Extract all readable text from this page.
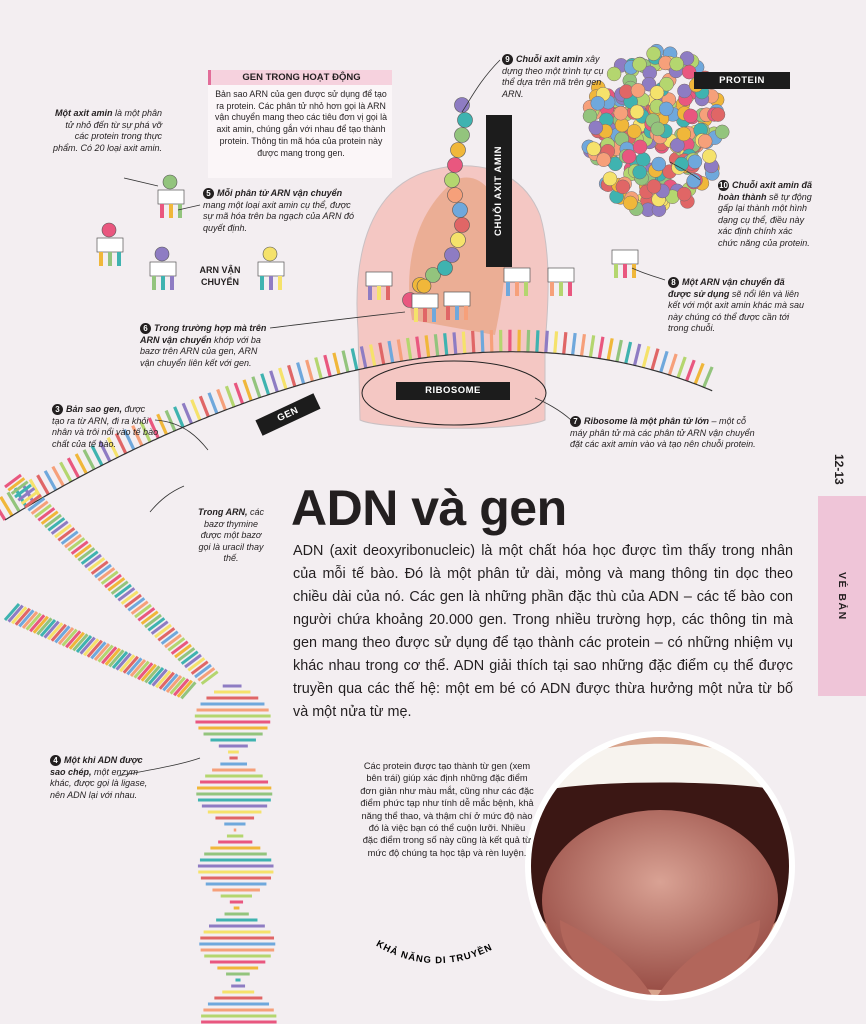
KHẢ NĂNG DI TRUYỀN
GEN TRONG HOẠT ĐỘNG

Bản sao ARN của gen được sử dụng để tạo ra protein. Các phân tử nhỏ hơn gọi là ARN vận chuyển mang theo các tiêu đơn vị gọi là axit amin, chúng gắn với nhau để tạo thành protein. Thông tin mã hóa của protein này được mang trong gen.

PROTEIN
CHUỖI AXIT AMIN
RIBOSOME
GEN
ARN VẬN CHUYỂN

Một axit amin là một phân tử nhỏ đến từ sự phá vỡ các protein trong thực phẩm. Có 20 loại axit amin.

5 Mỗi phân tử ARN vận chuyển mang một loại axit amin cụ thể, được sự mã hóa trên ba ngạch của ARN đó quyết định.

6 Trong trường hợp mà trên ARN vận chuyển khớp với ba bazơ trên ARN của gen, ARN vận chuyển liên kết với gen.

3 Bản sao gen, được tạo ra từ ARN, đi ra khỏi nhân và trôi nổi vào tế bào chất của tế bào.

Trong ARN, các bazơ thymine được một bazơ gọi là uracil thay thế.

4 Một khi ADN được sao chép, một enzym khác, được gọi là ligase, nên ADN lại với nhau.

9 Chuỗi axit amin xây dựng theo một trình tự cụ thể dựa trên mã trên gen ARN.

10 Chuỗi axit amin đã hoàn thành sẽ tự động gấp lại thành một hình dạng cụ thể, điều này xác định chính xác chức năng của protein.

8 Một ARN vận chuyển đã được sử dụng sẽ nổi lên và liên kết với một axit amin khác mà sau này chúng có thể được cần tới trong chuỗi.

7 Ribosome là một phân tử lớn – một cỗ máy phân tử mà các phân tử ARN vận chuyển đặt các axit amin vào và tạo nên chuỗi protein.

12-13
VÉ BẢN
ADN và gen

ADN (axit deoxyribonucleic) là một chất hóa học được tìm thấy trong nhân của mỗi tế bào. Đó là một phân tử dài, mỏng và mang thông tin dọc theo chiều dài của nó. Các gen là những phần đặc thù của ADN – các tế bào con người chứa khoảng 20.000 gen. Trong nhiều trường hợp, các thông tin mà gen mang theo được sử dụng để tạo thành các protein – có những nhiệm vụ khác nhau trong cơ thể. ADN giải thích tại sao những đặc điểm cụ thể được truyền qua các thế hệ: một em bé có ADN được thừa hưởng một nửa từ bố và một nửa từ mẹ.

Các protein được tạo thành từ gen (xem bên trái) giúp xác định những đặc điểm đơn giản như màu mắt, cũng như các đặc điểm phức tạp như tính dễ mắc bệnh, khả năng thể thao, và thậm chí ở mức độ nào đó là việc bạn có thể cuộn lưỡi. Nhiều đặc điểm trong số này cũng là kết quả từ mức độ chúng ta học tập và rèn luyện.
